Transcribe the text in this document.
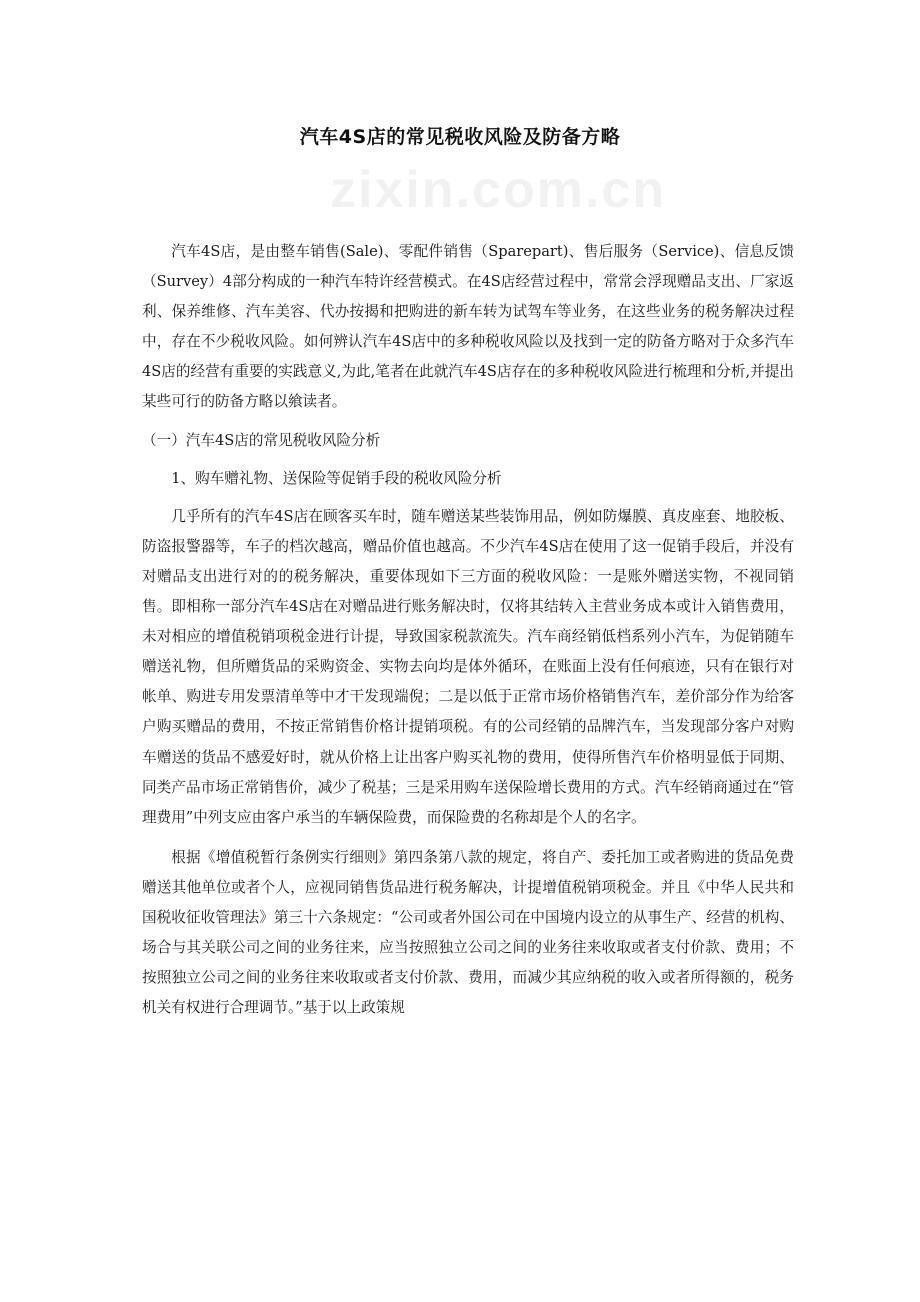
zixin.com.cn
汽车4S店的常见税收风险及防备方略

汽车4S店，是由整车销售(Sale)、零配件销售（Sparepart)、售后服务（Service)、信息反馈（Survey）4部分构成的一种汽车特许经营模式。在4S店经营过程中，常常会浮现赠品支出、厂家返利、保养维修、汽车美容、代办按揭和把购进的新车转为试驾车等业务，在这些业务的税务解决过程中，存在不少税收风险。如何辨认汽车4S店中的多种税收风险以及找到一定的防备方略对于众多汽车4S店的经营有重要的实践意义,为此,笔者在此就汽车4S店存在的多种税收风险进行梳理和分析,并提出某些可行的防备方略以飨读者。

（一）汽车4S店的常见税收风险分析

1、购车赠礼物、送保险等促销手段的税收风险分析

几乎所有的汽车4S店在顾客买车时，随车赠送某些装饰用品，例如防爆膜、真皮座套、地胶板、防盗报警器等，车子的档次越高，赠品价值也越高。不少汽车4S店在使用了这一促销手段后，并没有对赠品支出进行对的的税务解决，重要体现如下三方面的税收风险：一是账外赠送实物，不视同销售。即相称一部分汽车4S店在对赠品进行账务解决时，仅将其结转入主营业务成本或计入销售费用，未对相应的增值税销项税金进行计提，导致国家税款流失。汽车商经销低档系列小汽车，为促销随车赠送礼物，但所赠货品的采购资金、实物去向均是体外循环，在账面上没有任何痕迹，只有在银行对帐单、购进专用发票清单等中才干发现端倪；二是以低于正常市场价格销售汽车，差价部分作为给客户购买赠品的费用，不按正常销售价格计提销项税。有的公司经销的品牌汽车，当发现部分客户对购车赠送的货品不感爱好时，就从价格上让出客户购买礼物的费用，使得所售汽车价格明显低于同期、同类产品市场正常销售价，减少了税基；三是采用购车送保险增长费用的方式。汽车经销商通过在“管理费用”中列支应由客户承当的车辆保险费，而保险费的名称却是个人的名字。

根据《增值税暂行条例实行细则》第四条第八款的规定，将自产、委托加工或者购进的货品免费赠送其他单位或者个人，应视同销售货品进行税务解决，计提增值税销项税金。并且《中华人民共和国税收征收管理法》第三十六条规定：“公司或者外国公司在中国境内设立的从事生产、经营的机构、场合与其关联公司之间的业务往来，应当按照独立公司之间的业务往来收取或者支付价款、费用；不按照独立公司之间的业务往来收取或者支付价款、费用，而减少其应纳税的收入或者所得额的，税务机关有权进行合理调节。”基于以上政策规
